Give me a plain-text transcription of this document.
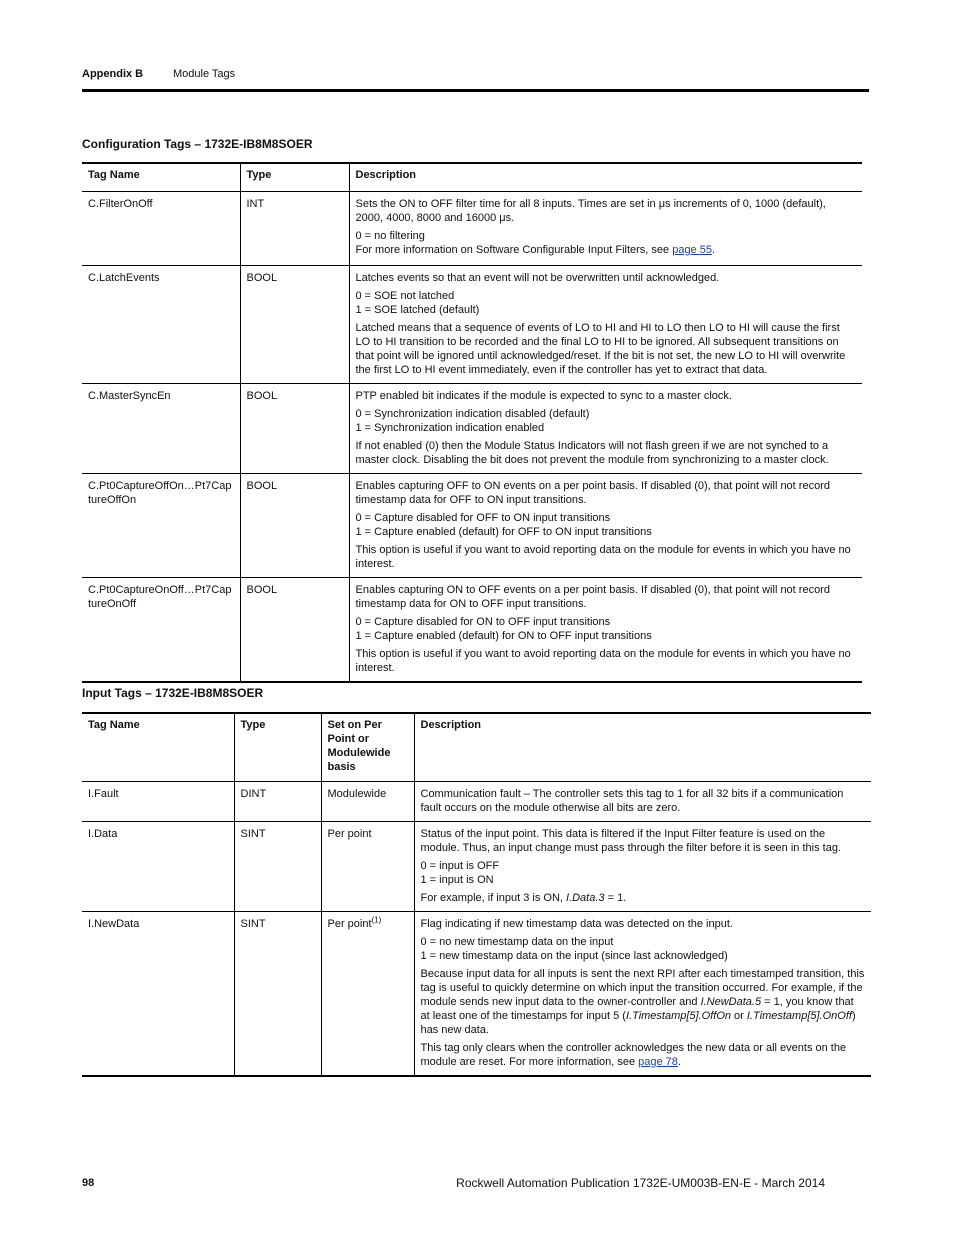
Appendix B	Module Tags
Configuration Tags – 1732E-IB8M8SOER
Tag Name	Type	Description
C.FilterOnOff	INT	Sets the ON to OFF filter time for all 8 inputs. Times are set in μs increments of 0, 1000 (default), 2000, 4000, 8000 and 16000 μs.
0 = no filtering
For more information on Software Configurable Input Filters, see page 55.

C.LatchEvents	BOOL	Latches events so that an event will not be overwritten until acknowledged.
0 = SOE not latched
1 = SOE latched (default)
Latched means that a sequence of events of LO to HI and HI to LO then LO to HI will cause the first LO to HI transition to be recorded and the final LO to HI to be ignored. All subsequent transitions on that point will be ignored until acknowledged/reset. If the bit is not set, the new LO to HI will overwrite the first LO to HI event immediately, even if the controller has yet to extract that data.

C.MasterSyncEn	BOOL	PTP enabled bit indicates if the module is expected to sync to a master clock.
0 = Synchronization indication disabled (default)
1 = Synchronization indication enabled
If not enabled (0) then the Module Status Indicators will not flash green if we are not synched to a master clock. Disabling the bit does not prevent the module from synchronizing to a master clock.

C.Pt0CaptureOffOn…Pt7CaptureOffOn	BOOL	Enables capturing OFF to ON events on a per point basis. If disabled (0), that point will not record timestamp data for OFF to ON input transitions.
0 = Capture disabled for OFF to ON input transitions
1 = Capture enabled (default) for OFF to ON input transitions
This option is useful if you want to avoid reporting data on the module for events in which you have no interest.

C.Pt0CaptureOnOff…Pt7CaptureOnOff	BOOL	Enables capturing ON to OFF events on a per point basis. If disabled (0), that point will not record timestamp data for ON to OFF input transitions.
0 = Capture disabled for ON to OFF input transitions
1 = Capture enabled (default) for ON to OFF input transitions
This option is useful if you want to avoid reporting data on the module for events in which you have no interest.
Input Tags – 1732E-IB8M8SOER
Tag Name	Type	Set on Per Point or Modulewide basis	Description
I.Fault	DINT	Modulewide	Communication fault – The controller sets this tag to 1 for all 32 bits if a communication fault occurs on the module otherwise all bits are zero.

I.Data	SINT	Per point	Status of the input point. This data is filtered if the Input Filter feature is used on the module. Thus, an input change must pass through the filter before it is seen in this tag.
0 = input is OFF
1 = input is ON
For example, if input 3 is ON, I.Data.3 = 1.

I.NewData	SINT	Per point$^{(1)}$	Flag indicating if new timestamp data was detected on the input.
0 = no new timestamp data on the input
1 = new timestamp data on the input (since last acknowledged)
Because input data for all inputs is sent the next RPI after each timestamped transition, this tag is useful to quickly determine on which input the transition occurred. For example, if the module sends new input data to the owner-controller and I.NewData.5 = 1, you know that at least one of the timestamps for input 5 (I.Timestamp[5].OffOn or I.Timestamp[5].OnOff) has new data.
This tag only clears when the controller acknowledges the new data or all events on the module are reset. For more information, see page 78.
98	Rockwell Automation Publication 1732E-UM003B-EN-E - March 2014
